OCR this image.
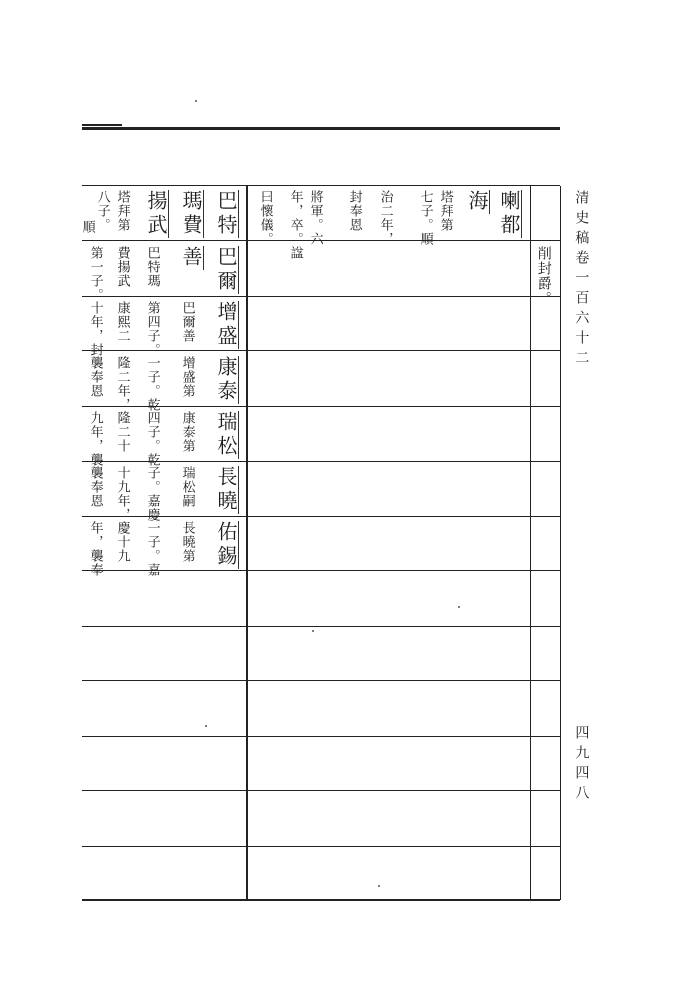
清史稿卷一百六十二
四九四八
喇都
海
塔拜第
七子。順
治二年，
封奉恩
將軍。六
年，卒。諡
曰懷儀。
削封爵。
巴特
瑪費
揚武
塔拜第
八子。
順
巴爾
善
巴特瑪
費揚武
第一子。
增盛
巴爾善
第四子。
康熙二
十年，封
康泰
增盛第
一子。乾
隆二年，
襲奉恩
瑞松
康泰第
四子。乾
隆二十
九年，襲
長曉
瑞松嗣
子。嘉慶
十九年，
襲奉恩
佑錫
長曉第
一子。嘉
慶十九
年，襲奉
